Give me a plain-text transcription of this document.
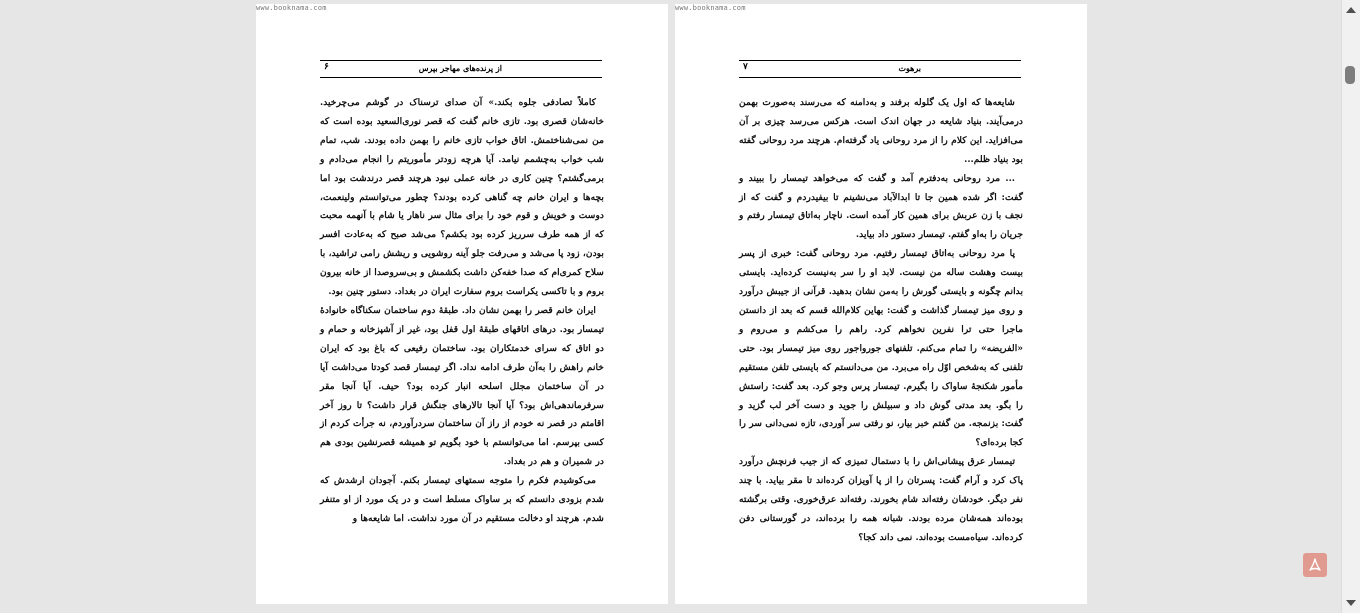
www.booknama.com
از پرنده‌های مهاجر بپرس
۶

کاملاً تصادفی جلوه بکند.» آن صدای ترسناک در گوشم می‌چرخید. خانه‌شان قصری بود. تازی خانم گفت که قصر نوری‌السعید بوده است که من نمی‌شناختمش. اتاق خواب تازی خانم را بهمن داده بودند. شب، تمام شب خواب به‌چشمم نیامد. آیا هرچه زودتر مأموریتم را انجام می‌دادم و برمی‌گشتم؟ چنین کاری در خانه عملی نبود هرچند قصر درندشت بود اما بچه‌ها و ایران خانم چه گناهی کرده بودند؟ چطور می‌توانستم ولینعمت، دوست و خویش و قوم خود را برای مثال سر ناهار یا شام با آنهمه محبت که از همه طرف سرریز کرده بود بکشم؟ می‌شد صبح که به‌عادت افسر بودن، زود پا می‌شد و می‌رفت جلو آینه روشویی و ریشش رامی تراشید، با سلاح کمری‌ام که صدا خفه‌کن داشت بکشمش و بی‌سروصدا از خانه بیرون بروم و با تاکسی یکراست بروم سفارت ایران در بغداد. دستور چنین بود.

ایران خانم قصر را بهمن نشان داد. طبقهٔ دوم ساختمان سکناگاه خانوادهٔ تیمسار بود. درهای اتاقهای طبقهٔ اول قفل بود، غیر از آشپزخانه و حمام و دو اتاق که سرای خدمتکاران بود. ساختمان رفیعی که باغ بود که ایران خانم راهش را به‌آن طرف ادامه نداد. اگر تیمسار قصد کودتا می‌داشت آیا در آن ساختمان مجلل اسلحه انبار کرده بود؟ حیف. آیا آنجا مقر سرفرماندهی‌اش بود؟ آیا آنجا تالارهای جنگش قرار داشت؟ تا روز آخر اقامتم در قصر نه خودم از راز آن ساختمان سردرآوردم، نه جرأت کردم از کسی بپرسم. اما می‌توانستم با خود بگویم تو همیشه قصرنشین بودی هم در شمیران و هم در بغداد.

می‌کوشیدم فکرم را متوجه سمتهای تیمسار بکنم. آجودان ارشدش که شدم بزودی دانستم که بر ساواک مسلط است و در یک مورد از او متنفر شدم. هرچند او دخالت مستقیم در آن مورد نداشت. اما شایعه‌ها و

www.booknama.com
برهوت
۷

شایعه‌ها که اول یک گلوله برفند و به‌دامنه که می‌رسند به‌صورت بهمن درمی‌آیند. بنیاد شایعه در جهان اندک است. هرکس می‌رسد چیزی بر آن می‌افزاید. این کلام را از مرد روحانی یاد گرفته‌ام. هرچند مرد روحانی گفته بود بنیاد ظلم...

... مرد روحانی به‌دفترم آمد و گفت که می‌خواهد تیمسار را ببیند و گفت: اگر شده همین جا تا ابدالآباد می‌نشینم تا بیفیدردم و گفت که از نجف با زن عربش برای همین کار آمده است. ناچار به‌اتاق تیمسار رفتم و جریان را به‌او گفتم. تیمسار دستور داد بیاید.

پا مرد روحانی به‌اتاق تیمسار رفتیم. مرد روحانی گفت: خبری از پسر بیست وهشت ساله من نیست. لابد او را سر به‌نیست کرده‌اید. بایستی بدانم چگونه و بایستی گورش را به‌من نشان بدهید. قرآنی از جیبش درآورد و روی میز تیمسار گذاشت و گفت: بهاین کلام‌الله قسم که بعد از دانستن ماجرا حتی ترا نفرین نخواهم کرد. راهم را می‌کشم و می‌روم و «الفریضه» را تمام می‌کنم. تلفنهای جوروا‌جور روی میز تیمسار بود. حتی تلفنی که به‌شخص اوّل راه می‌برد. من می‌دانستم که بایستی تلفن مستقیم مأمور شکنجهٔ ساواک را بگیرم. تیمسار پرس وجو کرد. بعد گفت: راستش را بگو. بعد مدتی گوش داد و سبیلش را جوید و دست آخر لب گزید و گفت: بزنمجه. من گفتم خبر بیار، نو رفتی سر آوردی، تازه نمی‌دانی سر را کجا برده‌ای؟

تیمسار عرق پیشانی‌اش را با دستمال تمیزی که از جیب فرنچش درآورد پاک کرد و آرام گفت: پسرتان را از پا آویزان کرده‌اند تا مقر بیاید. با چند نفر دیگر. خودشان رفته‌اند شام بخورند. رفته‌اند عرق‌خوری. وقتی برگشته بوده‌اند همه‌شان مرده بودند. شبانه همه را برده‌اند، در گورستانی دفن کرده‌اند. سیاه‌مست بوده‌اند. نمی داند کجا؟
